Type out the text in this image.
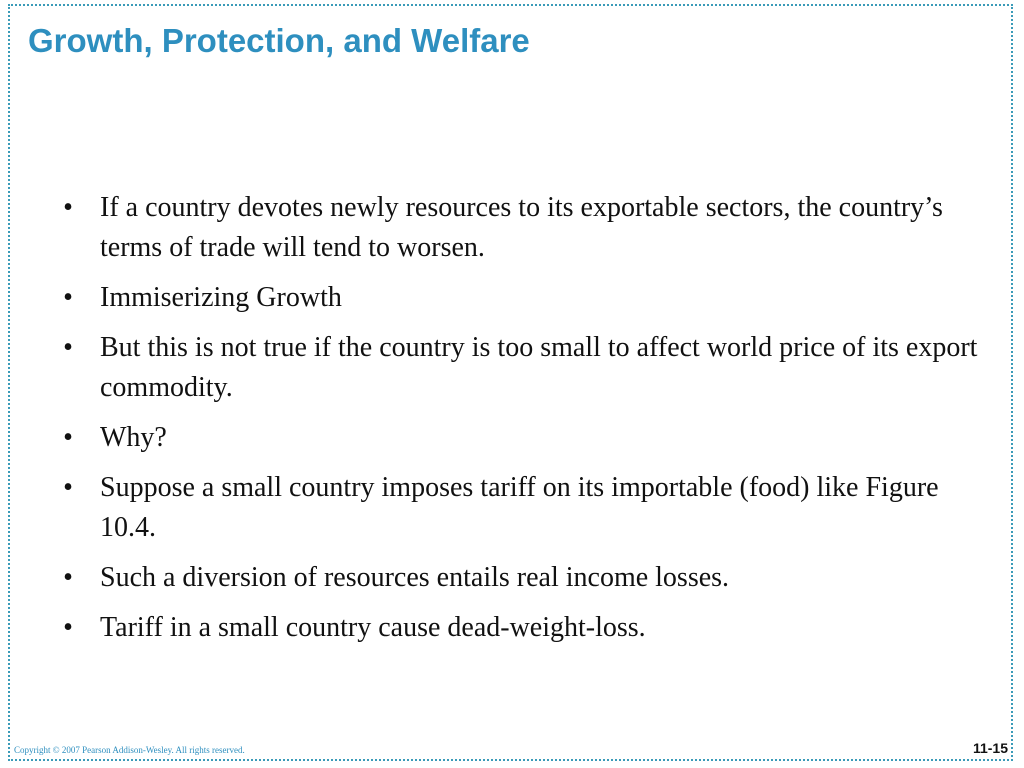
Growth, Protection, and Welfare
• If a country devotes newly resources to its exportable sectors, the country’s terms of trade will tend to worsen.
• Immiserizing Growth
• But this is not true if the country is too small to affect world price of its export commodity.
• Why?
• Suppose a small country imposes tariff on its importable (food) like Figure 10.4.
• Such a diversion of resources entails real income losses.
• Tariff in a small country cause dead-weight-loss.
Copyright © 2007 Pearson Addison-Wesley. All rights reserved.	11-15
